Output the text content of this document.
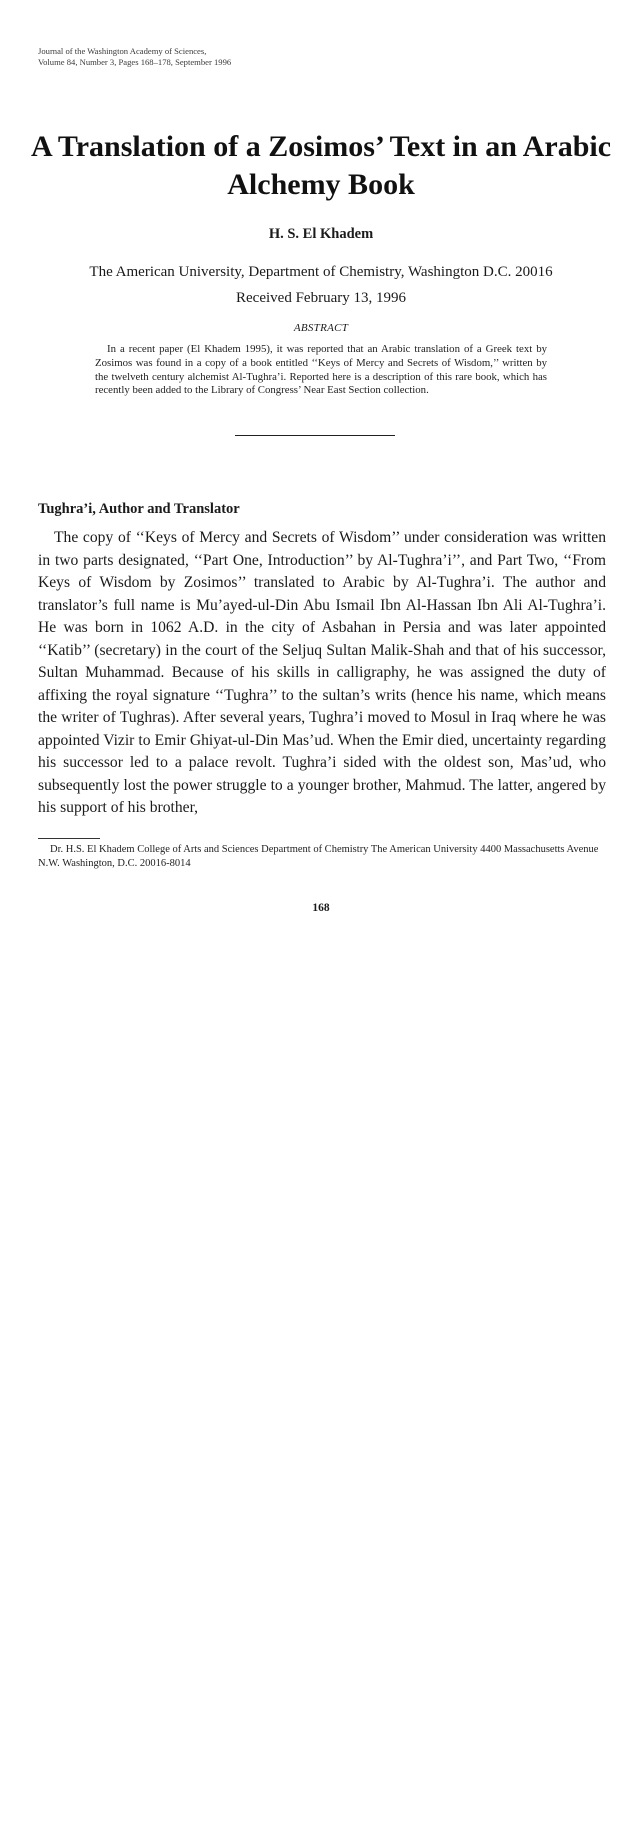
Journal of the Washington Academy of Sciences,
Volume 84, Number 3, Pages 168–178, September 1996
A Translation of a Zosimos’ Text in an Arabic Alchemy Book
H. S. El Khadem
The American University, Department of Chemistry, Washington D.C. 20016
Received February 13, 1996
ABSTRACT
In a recent paper (El Khadem 1995), it was reported that an Arabic translation of a Greek text by Zosimos was found in a copy of a book entitled ‘‘Keys of Mercy and Secrets of Wisdom,’’ written by the twelveth century alchemist Al-Tughra’i. Reported here is a description of this rare book, which has recently been added to the Library of Congress’ Near East Section collection.
Tughra’i, Author and Translator

The copy of ‘‘Keys of Mercy and Secrets of Wisdom’’ under consideration was written in two parts designated, ‘‘Part One, Introduction’’ by Al-Tughra’i’’, and Part Two, ‘‘From Keys of Wisdom by Zosimos’’ translated to Arabic by Al-Tughra’i. The author and translator’s full name is Mu’ayed-ul-Din Abu Ismail Ibn Al-Hassan Ibn Ali Al-Tughra’i. He was born in 1062 A.D. in the city of Asbahan in Persia and was later appointed ‘‘Katib’’ (secretary) in the court of the Seljuq Sultan Malik-Shah and that of his successor, Sultan Muhammad. Because of his skills in calligraphy, he was assigned the duty of affixing the royal signature ‘‘Tughra’’ to the sultan’s writs (hence his name, which means the writer of Tughras). After several years, Tughra’i moved to Mosul in Iraq where he was appointed Vizir to Emir Ghiyat-ul-Din Mas’ud. When the Emir died, uncertainty regarding his successor led to a palace revolt. Tughra’i sided with the oldest son, Mas’ud, who subsequently lost the power struggle to a younger brother, Mahmud. The latter, angered by his support of his brother,

Dr. H.S. El Khadem College of Arts and Sciences Department of Chemistry The American University 4400 Massachusetts Avenue N.W. Washington, D.C. 20016-8014
168
